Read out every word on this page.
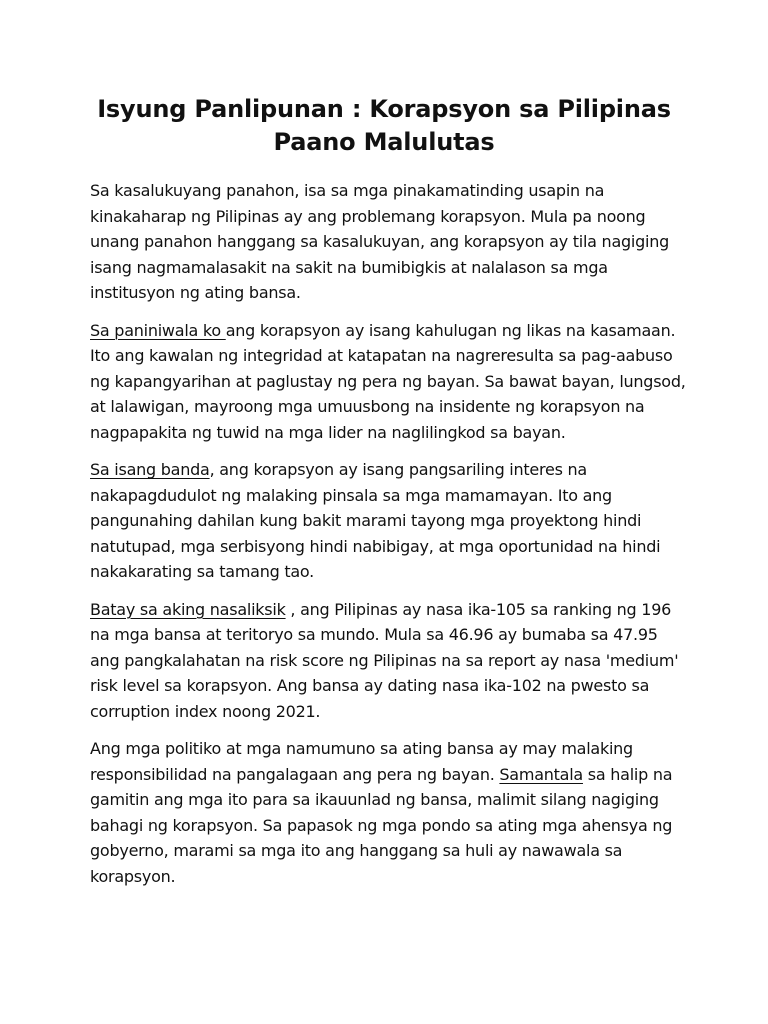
Isyung Panlipunan : Korapsyon sa Pilipinas
Paano Malulutas

Sa kasalukuyang panahon, isa sa mga pinakamatinding usapin na kinakaharap ng Pilipinas ay ang problemang korapsyon. Mula pa noong unang panahon hanggang sa kasalukuyan, ang korapsyon ay tila nagiging isang nagmamalasakit na sakit na bumibigkis at nalalason sa mga institusyon ng ating bansa.

Sa paniniwala ko ang korapsyon ay isang kahulugan ng likas na kasamaan. Ito ang kawalan ng integridad at katapatan na nagreresulta sa pag-aabuso ng kapangyarihan at paglustay ng pera ng bayan. Sa bawat bayan, lungsod, at lalawigan, mayroong mga umuusbong na insidente ng korapsyon na nagpapakita ng tuwid na mga lider na naglilingkod sa bayan.

Sa isang banda, ang korapsyon ay isang pangsariling interes na nakapagdudulot ng malaking pinsala sa mga mamamayan. Ito ang pangunahing dahilan kung bakit marami tayong mga proyektong hindi natutupad, mga serbisyong hindi nabibigay, at mga oportunidad na hindi nakakarating sa tamang tao.

Batay sa aking nasaliksik , ang Pilipinas ay nasa ika-105 sa ranking ng 196 na mga bansa at teritoryo sa mundo. Mula sa 46.96 ay bumaba sa 47.95 ang pangkalahatan na risk score ng Pilipinas na sa report ay nasa 'medium' risk level sa korapsyon. Ang bansa ay dating nasa ika-102 na pwesto sa corruption index noong 2021.

Ang mga politiko at mga namumuno sa ating bansa ay may malaking responsibilidad na pangalagaan ang pera ng bayan. Samantala sa halip na gamitin ang mga ito para sa ikauunlad ng bansa, malimit silang nagiging bahagi ng korapsyon. Sa papasok ng mga pondo sa ating mga ahensya ng gobyerno, marami sa mga ito ang hanggang sa huli ay nawawala sa korapsyon.
